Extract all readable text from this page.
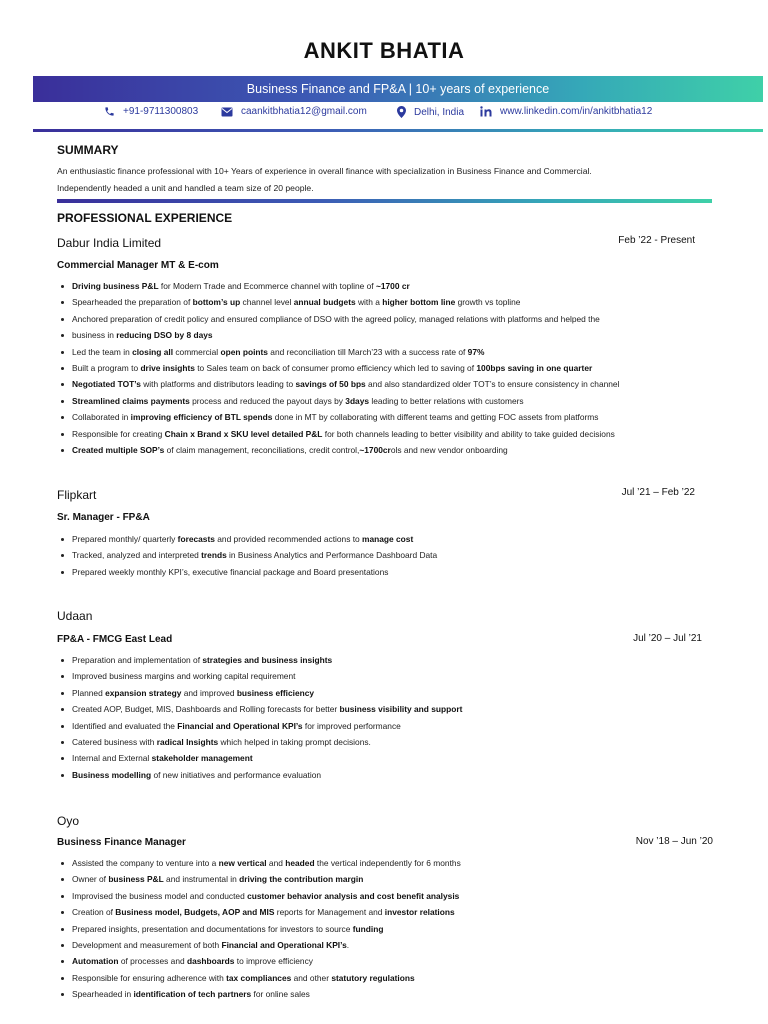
ANKIT BHATIA
Business Finance and FP&A | 10+ years of experience
+91-9711300803	caankitbhatia12@gmail.com	Delhi, India	www.linkedin.com/in/ankitbhatia12
SUMMARY
An enthusiastic finance professional with 10+ Years of experience in overall finance with specialization in Business Finance and Commercial.
Independently headed a unit and handled a team size of 20 people.
PROFESSIONAL EXPERIENCE
Dabur India Limited	Feb ’22 - Present
Commercial Manager MT & E-com
Driving business P&L for Modern Trade and Ecommerce channel with topline of ~1700 cr
Spearheaded the preparation of bottom’s up channel level annual budgets with a higher bottom line growth vs topline
Anchored preparation of credit policy and ensured compliance of DSO with the agreed policy, managed relations with platforms and helped the
business in reducing DSO by 8 days
Led the team in closing all commercial open points and reconciliation till March’23 with a success rate of 97%
Built a program to drive insights to Sales team on back of consumer promo efficiency which led to saving of 100bps saving in one quarter
Negotiated TOT’s with platforms and distributors leading to savings of 50 bps and also standardized older TOT’s to ensure consistency in channel
Streamlined claims payments process and reduced the payout days by 3days leading to better relations with customers
Collaborated in improving efficiency of BTL spends done in MT by collaborating with different teams and getting FOC assets from platforms
Responsible for creating Chain x Brand x SKU level detailed P&L for both channels leading to better visibility and ability to take guided decisions
Created multiple SOP’s of claim management, reconciliations, credit control,~1700crols and new vendor onboarding
Flipkart	Jul ’21 – Feb ’22
Sr. Manager - FP&A
Prepared monthly/ quarterly forecasts and provided recommended actions to manage cost
Tracked, analyzed and interpreted trends in Business Analytics and Performance Dashboard Data
Prepared weekly monthly KPI’s, executive financial package and Board presentations
Udaan
Jul ’20 – Jul ’21
FP&A - FMCG East Lead
Preparation and implementation of strategies and business insights
Improved business margins and working capital requirement
Planned expansion strategy and improved business efficiency
Created AOP, Budget, MIS, Dashboards and Rolling forecasts for better business visibility and support
Identified and evaluated the Financial and Operational KPI’s for improved performance
Catered business with radical Insights which helped in taking prompt decisions.
Internal and External stakeholder management
Business modelling of new initiatives and performance evaluation
Oyo
Nov ’18 – Jun ’20
Business Finance Manager
Assisted the company to venture into a new vertical and headed the vertical independently for 6 months
Owner of business P&L and instrumental in driving the contribution margin
Improvised the business model and conducted customer behavior analysis and cost benefit analysis
Creation of Business model, Budgets, AOP and MIS reports for Management and investor relations
Prepared insights, presentation and documentations for investors to source funding
Development and measurement of both Financial and Operational KPI’s.
Automation of processes and dashboards to improve efficiency
Responsible for ensuring adherence with tax compliances and other statutory regulations
Spearheaded in identification of tech partners for online sales
